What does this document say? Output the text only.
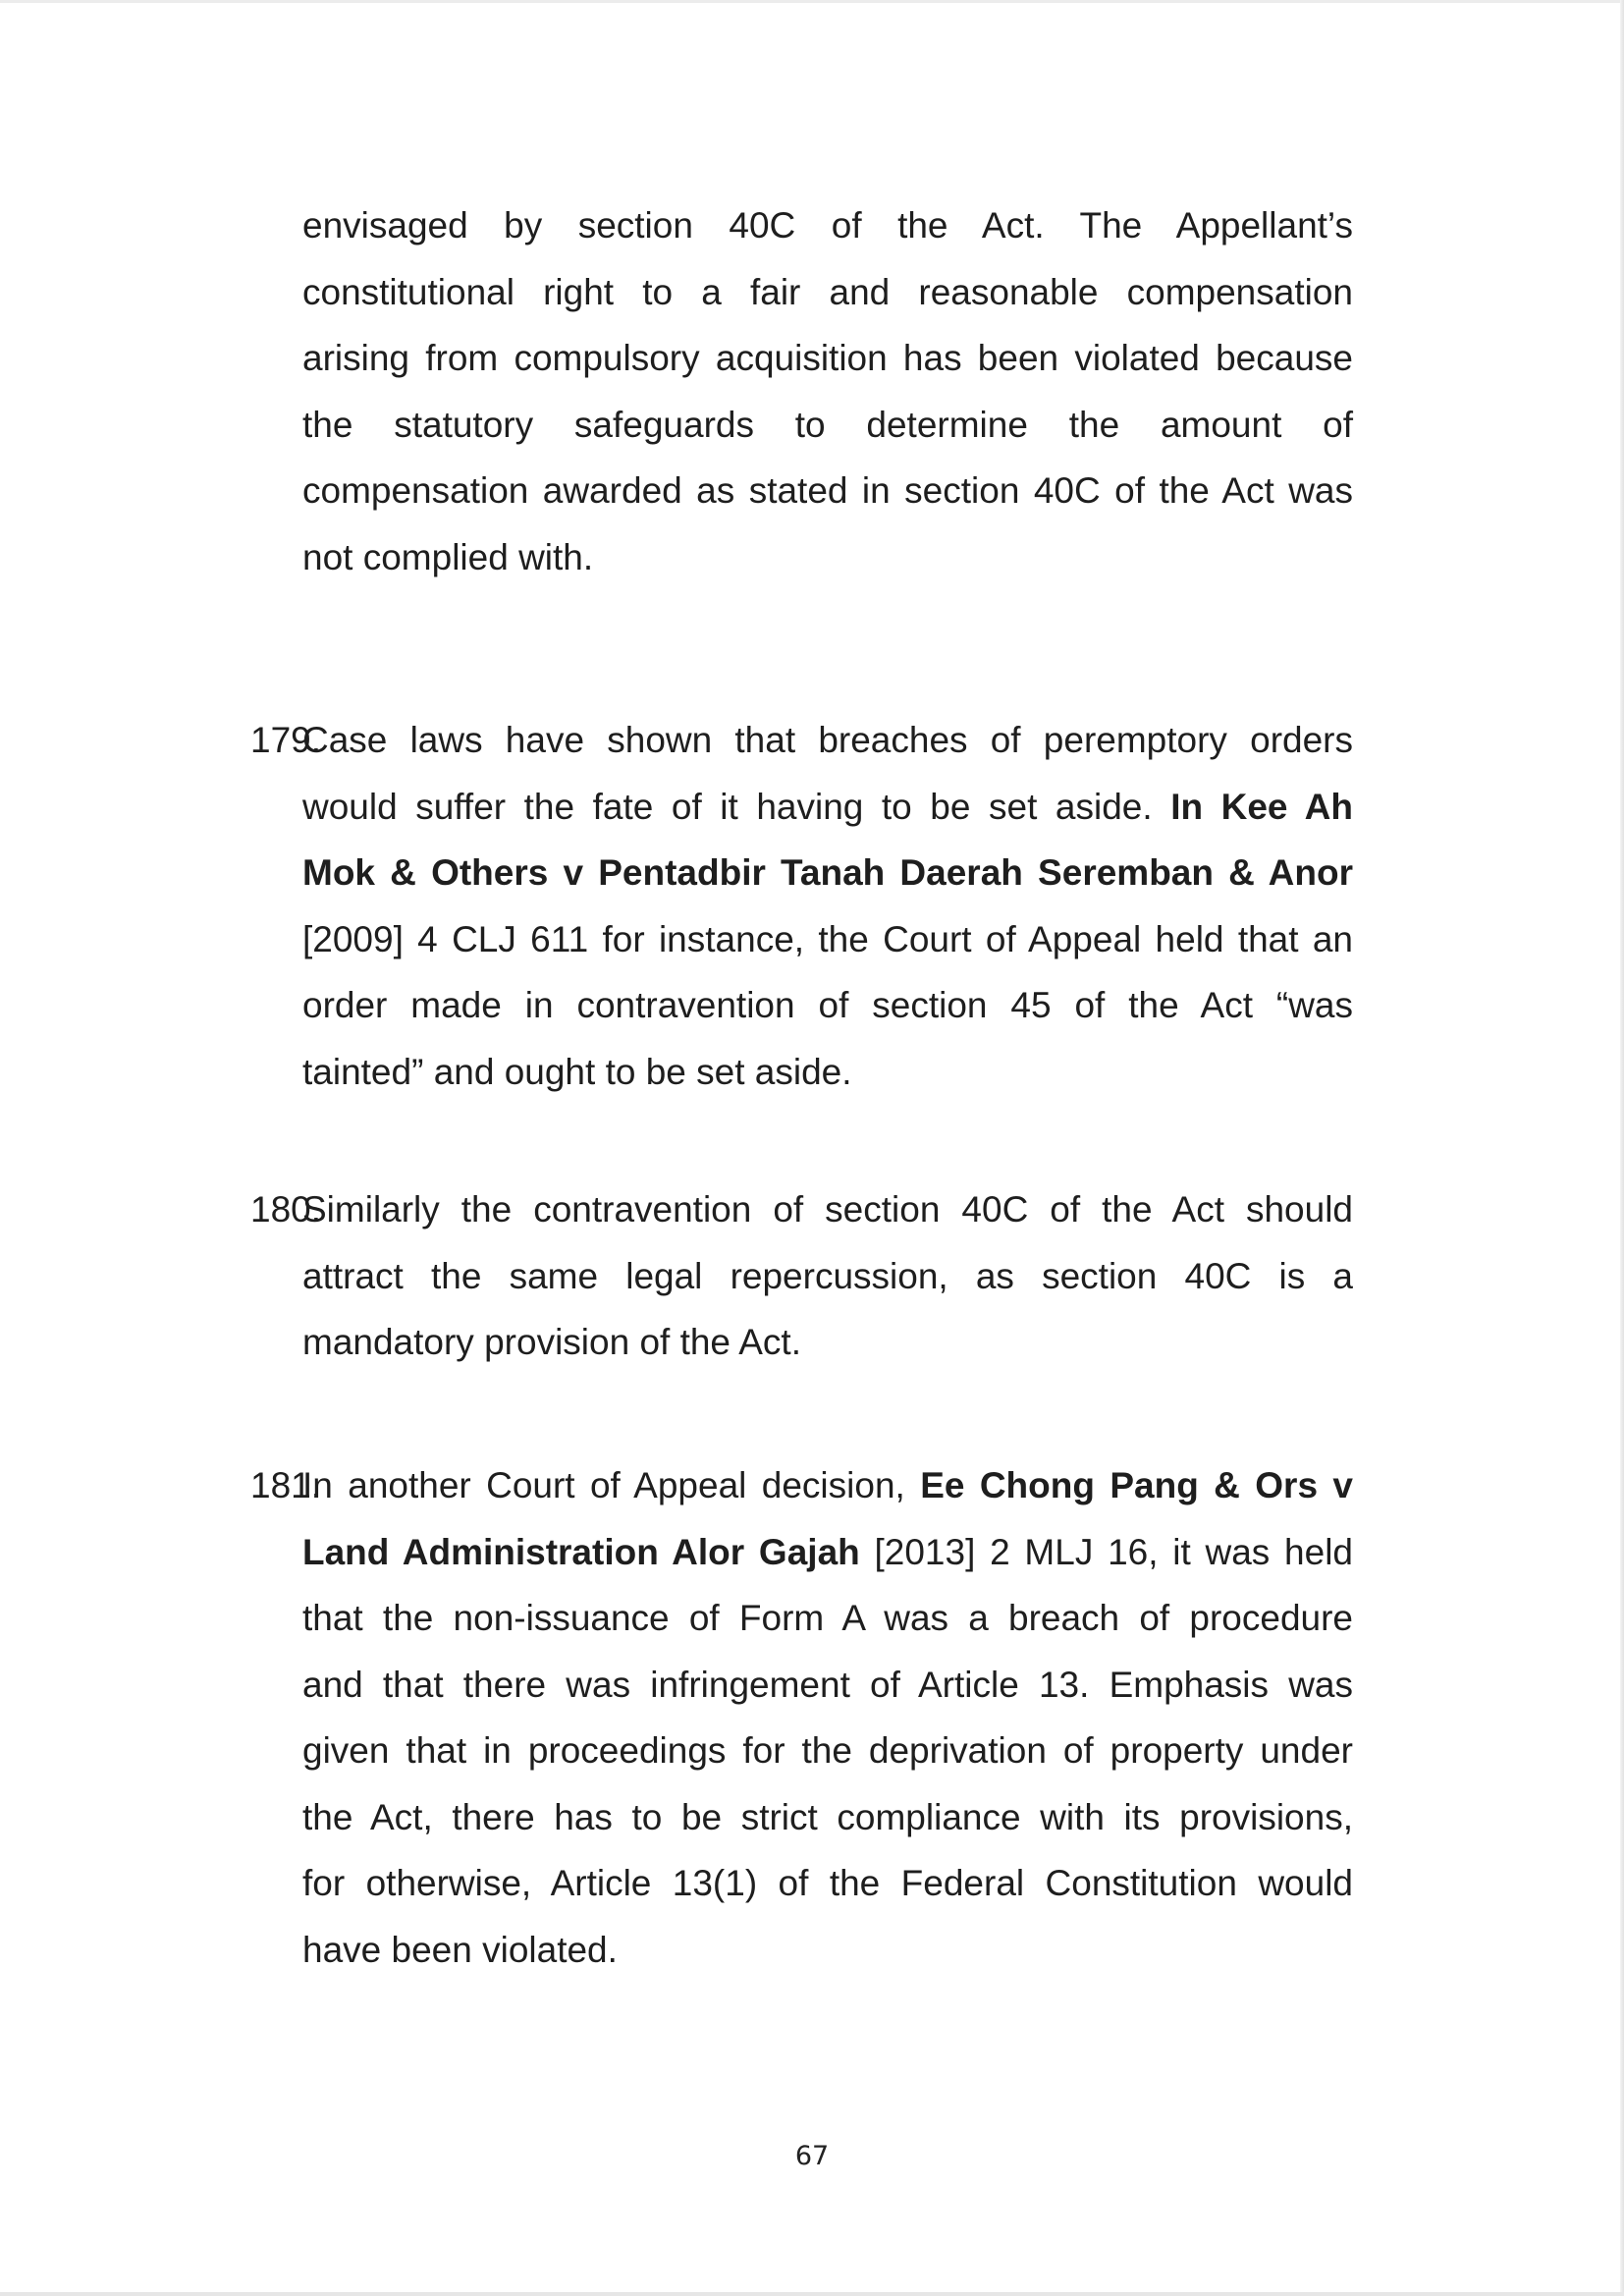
envisaged by section 40C of the Act. The Appellant’s
constitutional right to a fair and reasonable compensation
arising from compulsory acquisition has been violated because
the statutory safeguards to determine the amount of
compensation awarded as stated in section 40C of the Act was
not complied with.
179.
Case laws have shown that breaches of peremptory orders
would suffer the fate of it having to be set aside. In Kee Ah
Mok & Others v Pentadbir Tanah Daerah Seremban & Anor
[2009] 4 CLJ 611 for instance, the Court of Appeal held that an
order made in contravention of section 45 of the Act “was
tainted” and ought to be set aside.
180.
Similarly the contravention of section 40C of the Act should
attract the same legal repercussion, as section 40C is a
mandatory provision of the Act.
181.
In another Court of Appeal decision, Ee Chong Pang & Ors v
Land Administration Alor Gajah [2013] 2 MLJ 16, it was held
that the non-issuance of Form A was a breach of procedure
and that there was infringement of Article 13. Emphasis was
given that in proceedings for the deprivation of property under
the Act, there has to be strict compliance with its provisions,
for otherwise, Article 13(1) of the Federal Constitution would
have been violated.
67
